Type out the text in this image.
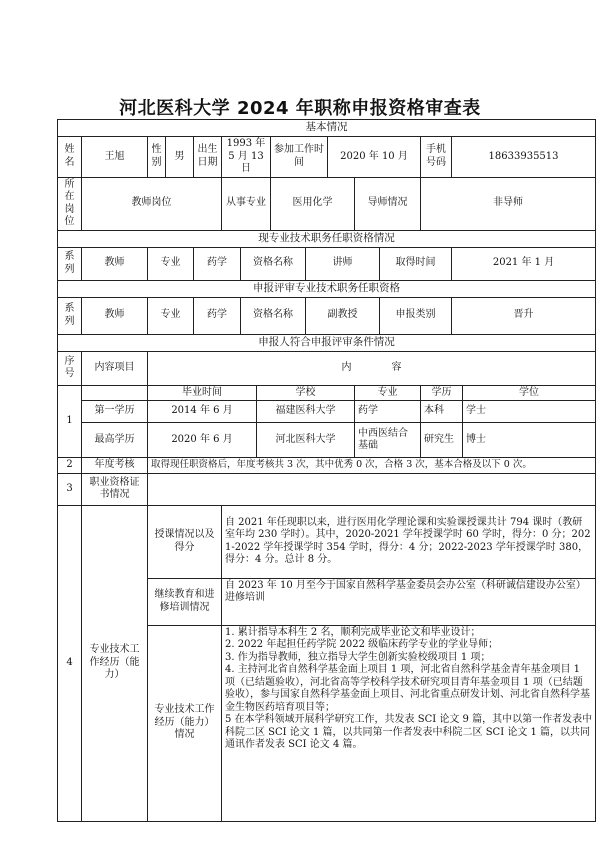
河北医科大学 2024 年职称申报资格审查表
基本情况															
姓名	王旭	性别	男	出生日期	1993 年 5 月 13 日			参加工作时间		2020 年 10 月			手机号码	18633935513	
所在岗位	教师岗位				从事专业			医用化学			导师情况		非导师		
现专业技术职务任职资格情况															
系列	教师	专业		药学		资格名称			讲师			取得时间		2021 年 1 月	
申报评审专业技术职务任职资格															
系列	教师	专业		药学		资格名称			副教授			申报类别		晋升	
申报人符合申报评审条件情况															
序号	内容项目	内　　　　容													
1		毕业时间					学校				专业		学历		学位
	第一学历	2014 年 6 月					福建医科大学				药学		本科		学士
	最高学历	2020 年 6 月					河北医科大学				中西医结合基础		研究生		博士
2	年度考核	取得现任职资格后，年度考核共 3 次，其中优秀 0 次，合格 3 次，基本合格及以下 0 次。													
3	职业资格证书情况														
4	专业技术工作经历（能力）	授课情况以及得分			自 2021 年任现职以来，进行医用化学理论课和实验课授课共计 794 课时（教研室年均 230 学时）。其中，2020-2021 学年授课学时 60 学时，得分：0 分；2021-2022 学年授课学时 354 学时，得分：4 分；2022-2023 学年授课学时 380，得分：4 分。总计 8 分。										
		继续教育和进修培训情况			自 2023 年 10 月至今于国家自然科学基金委员会办公室（科研诚信建设办公室）进修培训										
		专业技术工作经历（能力）情况			1. 累计指导本科生 2 名，顺利完成毕业论文和毕业设计；
2. 2022 年起担任药学院 2022 级临床药学专业的学业导师；
3. 作为指导教师，独立指导大学生创新实验校级项目 1 项；
4. 主持河北省自然科学基金面上项目 1 项，河北省自然科学基金青年基金项目 1 项（已结题验收），河北省高等学校科学技术研究项目青年基金项目 1 项（已结题验收），参与国家自然科学基金面上项目、河北省重点研发计划、河北省自然科学基金生物医药培育项目等；
5 在本学科领域开展科学研究工作，共发表 SCI 论文 9 篇，其中以第一作者发表中科院二区 SCI 论文 1 篇，以共同第一作者发表中科院二区 SCI 论文 1 篇，以共同通讯作者发表 SCI 论文 4 篇。										
